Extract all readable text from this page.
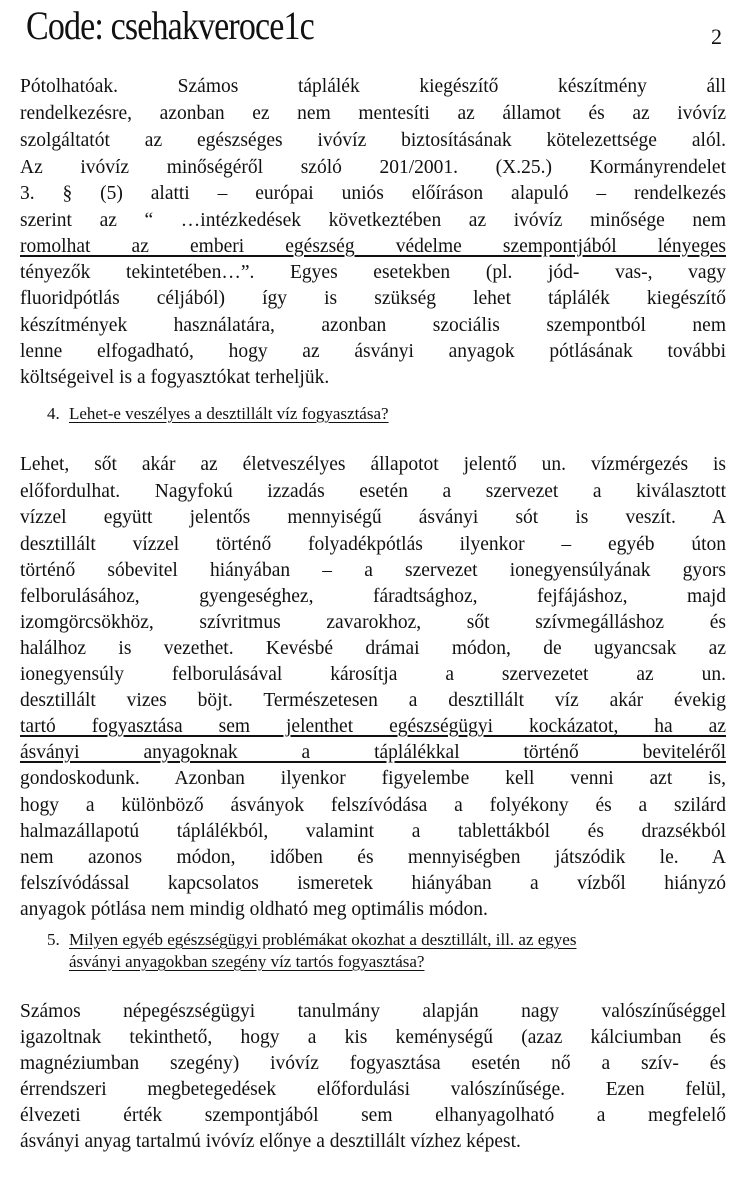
Code: csehakveroce1c	2
Pótolhatóak. Számos táplálék kiegészítő készítmény áll
rendelkezésre, azonban ez nem mentesíti az államot és az ivóvíz
szolgáltatót az egészséges ivóvíz biztosításának kötelezettsége alól.
Az ivóvíz minőségéről szóló 201/2001. (X.25.) Kormányrendelet
3. § (5) alatti – európai uniós előíráson alapuló – rendelkezés
szerint az “ …intézkedések következtében az ivóvíz minősége nem
romolhat az emberi egészség védelme szempontjából lényeges
tényezők tekintetében…”. Egyes esetekben (pl. jód- vas-, vagy
fluoridpótlás céljából) így is szükség lehet táplálék kiegészítő
készítmények használatára, azonban szociális szempontból nem
lenne elfogadható, hogy az ásványi anyagok pótlásának további
költségeivel is a fogyasztókat terheljük.
4. Lehet-e veszélyes a desztillált víz fogyasztása?
Lehet, sőt akár az életveszélyes állapotot jelentő un. vízmérgezés is
előfordulhat. Nagyfokú izzadás esetén a szervezet a kiválasztott
vízzel együtt jelentős mennyiségű ásványi sót is veszít. A
desztillált vízzel történő folyadékpótlás ilyenkor – egyéb úton
történő sóbevitel hiányában – a szervezet ionegyensúlyának gyors
felborulásához, gyengeséghez, fáradtsághoz, fejfájáshoz, majd
izomgörcsökhöz, szívritmus zavarokhoz, sőt szívmegálláshoz és
halálhoz is vezethet. Kevésbé drámai módon, de ugyancsak az
ionegyensúly felborulásával károsítja a szervezetet az un.
desztillált vizes böjt. Természetesen a desztillált víz akár évekig
tartó fogyasztása sem jelenthet egészségügyi kockázatot, ha az
ásványi anyagoknak a táplálékkal történő beviteléről
gondoskodunk. Azonban ilyenkor figyelembe kell venni azt is,
hogy a különböző ásványok felszívódása a folyékony és a szilárd
halmazállapotú táplálékból, valamint a tablettákból és drazsékból
nem azonos módon, időben és mennyiségben játszódik le. A
felszívódással kapcsolatos ismeretek hiányában a vízből hiányzó
anyagok pótlása nem mindig oldható meg optimális módon.
5. Milyen egyéb egészségügyi problémákat okozhat a desztillált, ill. az egyes
ásványi anyagokban szegény víz tartós fogyasztása?
Számos népegészségügyi tanulmány alapján nagy valószínűséggel
igazoltnak tekinthető, hogy a kis keménységű (azaz kálciumban és
magnéziumban szegény) ivóvíz fogyasztása esetén nő a szív- és
érrendszeri megbetegedések előfordulási valószínűsége. Ezen felül,
élvezeti érték szempontjából sem elhanyagolható a megfelelő
ásványi anyag tartalmú ivóvíz előnye a desztillált vízhez képest.
